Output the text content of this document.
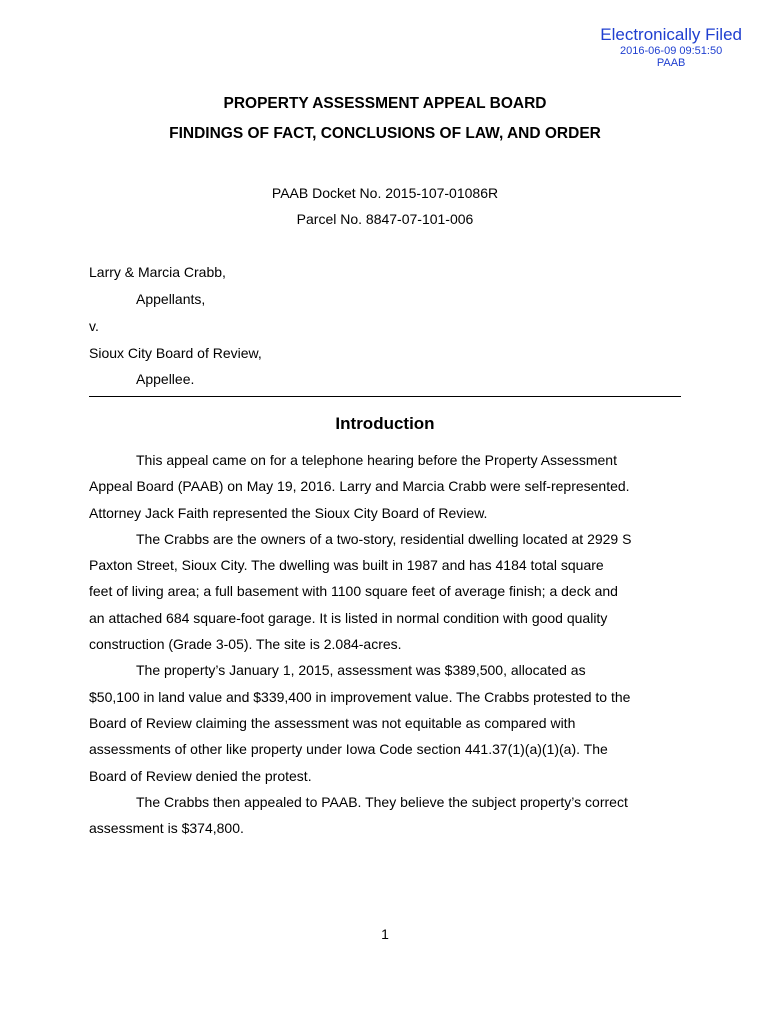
Electronically Filed
2016-06-09 09:51:50
PAAB
PROPERTY ASSESSMENT APPEAL BOARD
FINDINGS OF FACT, CONCLUSIONS OF LAW, AND ORDER
PAAB Docket No. 2015-107-01086R
Parcel No. 8847-07-101-006
Larry & Marcia Crabb,
Appellants,
v.
Sioux City Board of Review,
Appellee.
Introduction

This appeal came on for a telephone hearing before the Property Assessment
Appeal Board (PAAB) on May 19, 2016. Larry and Marcia Crabb were self-represented.
Attorney Jack Faith represented the Sioux City Board of Review.

The Crabbs are the owners of a two-story, residential dwelling located at 2929 S
Paxton Street, Sioux City. The dwelling was built in 1987 and has 4184 total square
feet of living area; a full basement with 1100 square feet of average finish; a deck and
an attached 684 square-foot garage. It is listed in normal condition with good quality
construction (Grade 3-05). The site is 2.084-acres.

The property’s January 1, 2015, assessment was $389,500, allocated as
$50,100 in land value and $339,400 in improvement value. The Crabbs protested to the
Board of Review claiming the assessment was not equitable as compared with
assessments of other like property under Iowa Code section 441.37(1)(a)(1)(a). The
Board of Review denied the protest.

The Crabbs then appealed to PAAB. They believe the subject property’s correct
assessment is $374,800.

1
